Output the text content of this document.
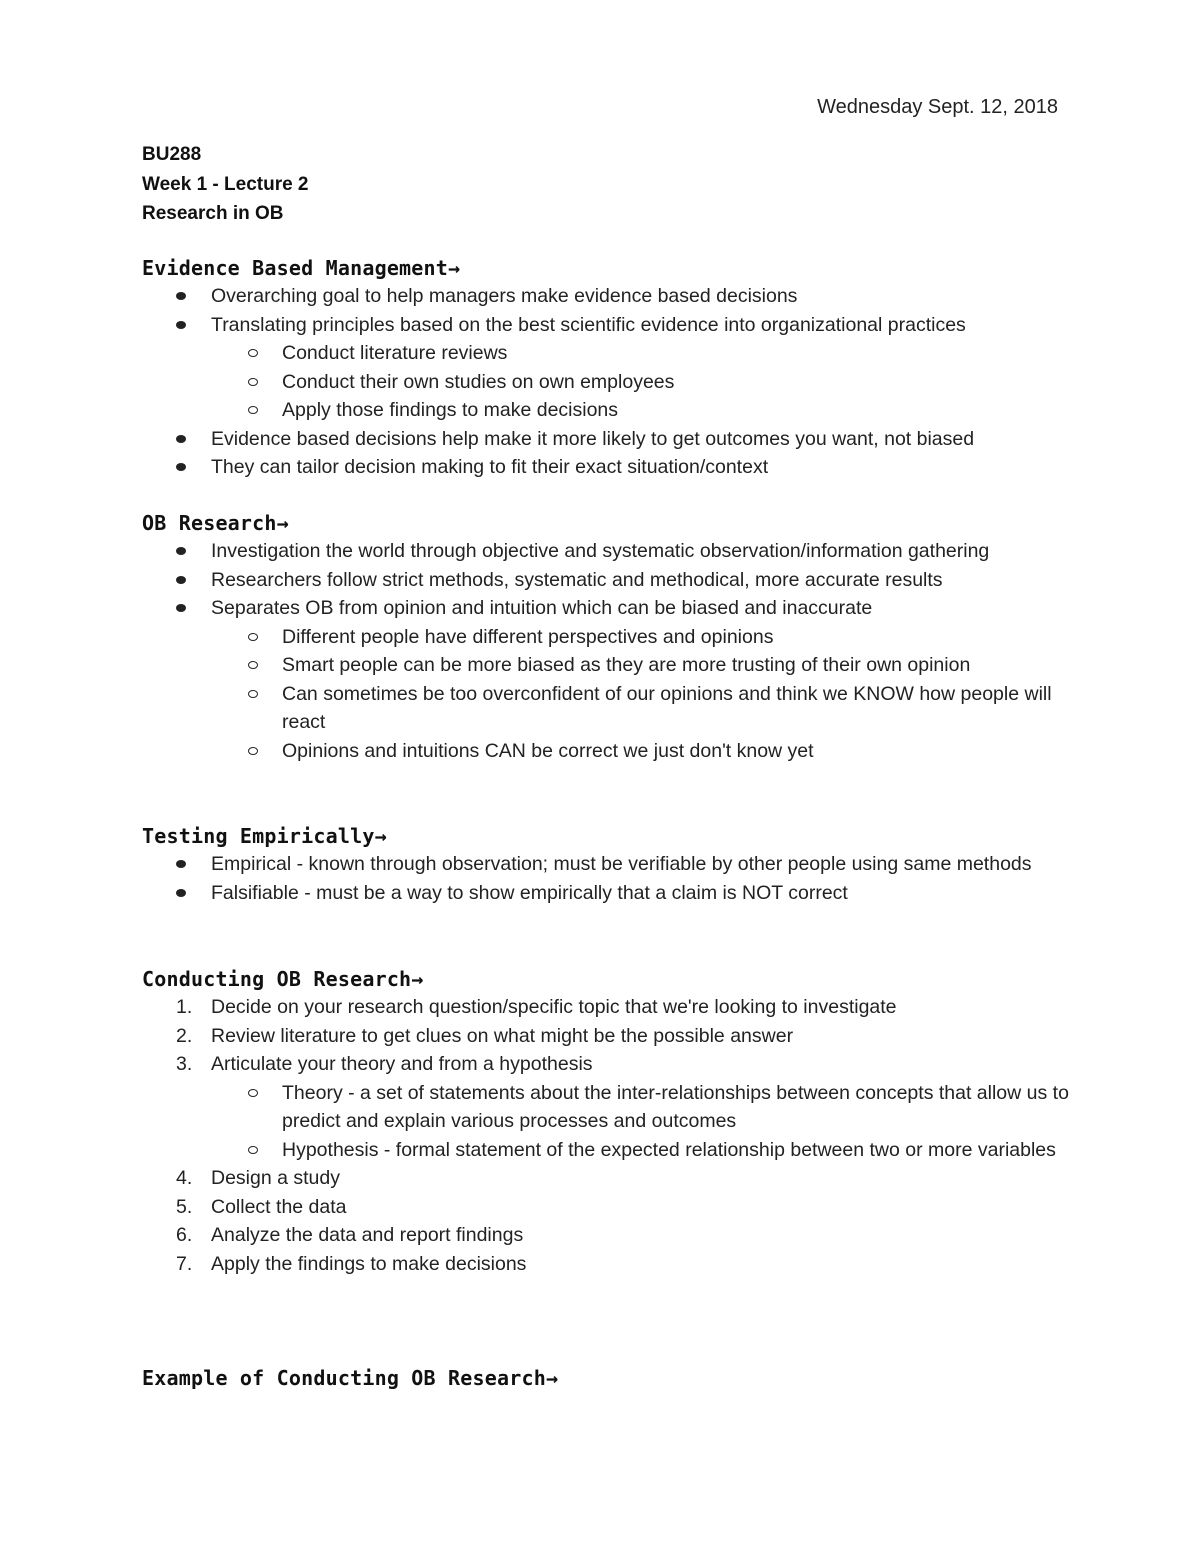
Wednesday Sept. 12, 2018
BU288
Week 1 - Lecture 2
Research in OB
Evidence Based Management→
Overarching goal to help managers make evidence based decisions
Translating principles based on the best scientific evidence into organizational practices
Conduct literature reviews
Conduct their own studies on own employees
Apply those findings to make decisions
Evidence based decisions help make it more likely to get outcomes you want, not biased
They can tailor decision making to fit their exact situation/context
OB Research→
Investigation the world through objective and systematic observation/information gathering
Researchers follow strict methods, systematic and methodical, more accurate results
Separates OB from opinion and intuition which can be biased and inaccurate
Different people have different perspectives and opinions
Smart people can be more biased as they are more trusting of their own opinion
Can sometimes be too overconfident of our opinions and think we KNOW how people will react
Opinions and intuitions CAN be correct we just don't know yet
Testing Empirically→
Empirical - known through observation; must be verifiable by other people using same methods
Falsifiable - must be a way to show empirically that a claim is NOT correct
Conducting OB Research→
1. Decide on your research question/specific topic that we're looking to investigate
2. Review literature to get clues on what might be the possible answer
3. Articulate your theory and from a hypothesis
Theory - a set of statements about the inter-relationships between concepts that allow us to predict and explain various processes and outcomes
Hypothesis - formal statement of the expected relationship between two or more variables
4. Design a study
5. Collect the data
6. Analyze the data and report findings
7. Apply the findings to make decisions
Example of Conducting OB Research→
